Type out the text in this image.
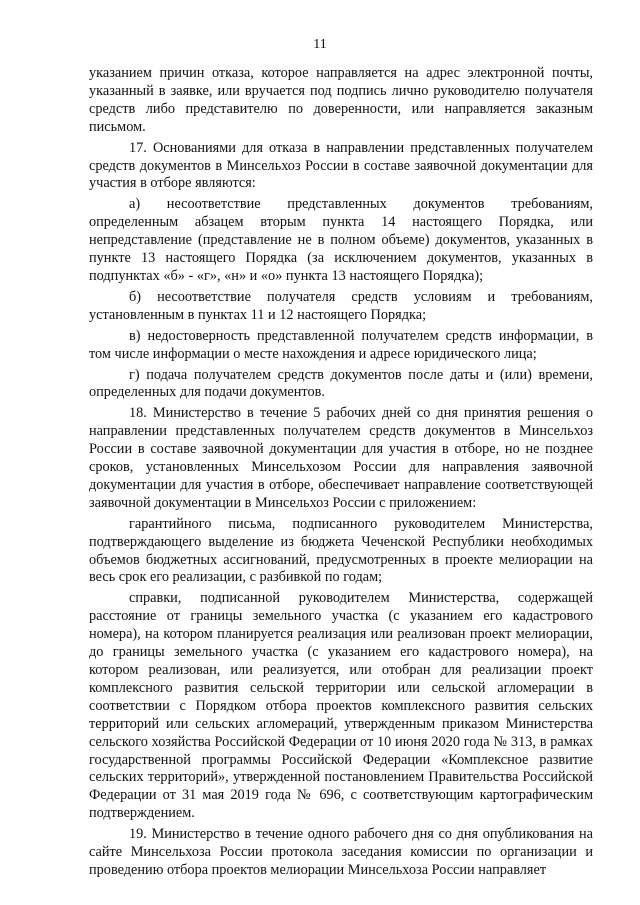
11

указанием причин отказа, которое направляется на адрес электронной почты, указанный в заявке, или вручается под подпись лично руководителю получателя средств либо представителю по доверенности, или направляется заказным письмом.

17. Основаниями для отказа в направлении представленных получателем средств документов в Минсельхоз России в составе заявочной документации для участия в отборе являются:

а) несоответствие представленных документов требованиям, определенным абзацем вторым пункта 14 настоящего Порядка, или непредставление (представление не в полном объеме) документов, указанных в пункте 13 настоящего Порядка (за исключением документов, указанных в подпунктах «б» - «г», «н» и «о» пункта 13 настоящего Порядка);

б) несоответствие получателя средств условиям и требованиям, установленным в пунктах 11 и 12 настоящего Порядка;

в) недостоверность представленной получателем средств информации, в том числе информации о месте нахождения и адресе юридического лица;

г) подача получателем средств документов после даты и (или) времени, определенных для подачи документов.

18. Министерство в течение 5 рабочих дней со дня принятия решения о направлении представленных получателем средств документов в Минсельхоз России в составе заявочной документации для участия в отборе, но не позднее сроков, установленных Минсельхозом России для направления заявочной документации для участия в отборе, обеспечивает направление соответствующей заявочной документации в Минсельхоз России с приложением:

гарантийного письма, подписанного руководителем Министерства, подтверждающего выделение из бюджета Чеченской Республики необходимых объемов бюджетных ассигнований, предусмотренных в проекте мелиорации на весь срок его реализации, с разбивкой по годам;

справки, подписанной руководителем Министерства, содержащей расстояние от границы земельного участка (с указанием его кадастрового номера), на котором планируется реализация или реализован проект мелиорации, до границы земельного участка (с указанием его кадастрового номера), на котором реализован, или реализуется, или отобран для реализации проект комплексного развития сельской территории или сельской агломерации в соответствии с Порядком отбора проектов комплексного развития сельских территорий или сельских агломераций, утвержденным приказом Министерства сельского хозяйства Российской Федерации от 10 июня 2020 года № 313, в рамках государственной программы Российской Федерации «Комплексное развитие сельских территорий», утвержденной постановлением Правительства Российской Федерации от 31 мая 2019 года № 696, с соответствующим картографическим подтверждением.

19. Министерство в течение одного рабочего дня со дня опубликования на сайте Минсельхоза России протокола заседания комиссии по организации и проведению отбора проектов мелиорации Минсельхоза России направляет
